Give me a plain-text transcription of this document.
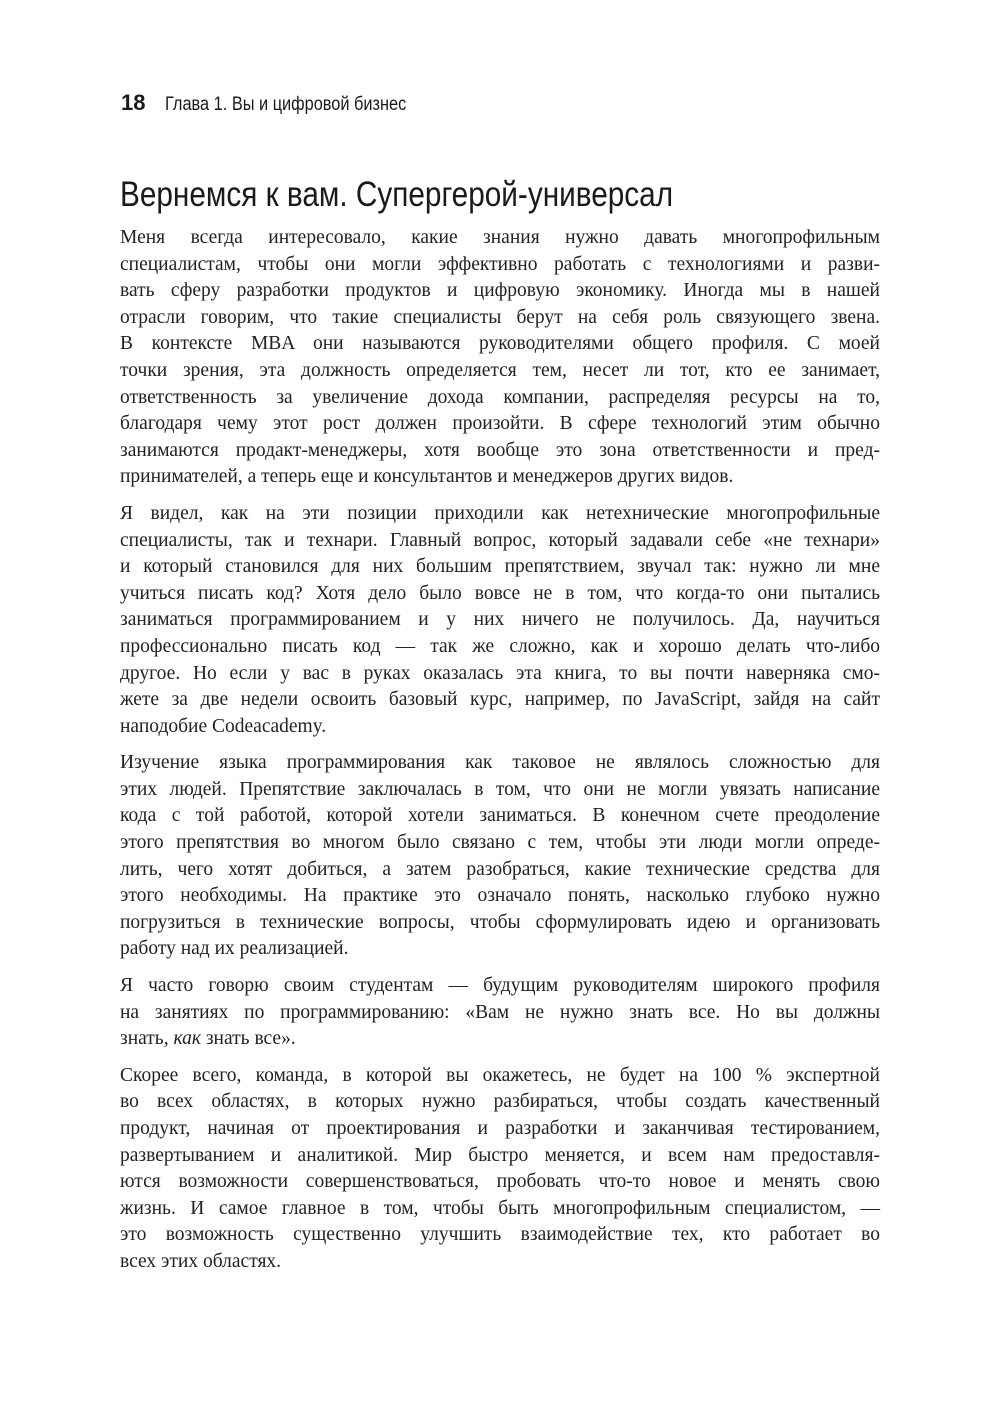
18 Глава 1. Вы и цифровой бизнес
Вернемся к вам. Супергерой-универсал

Меня всегда интересовало, какие знания нужно давать многопрофильным
специалистам, чтобы они могли эффективно работать с технологиями и разви-
вать сферу разработки продуктов и цифровую экономику. Иногда мы в нашей
отрасли говорим, что такие специалисты берут на себя роль связующего звена.
В контексте MBA они называются руководителями общего профиля. С моей
точки зрения, эта должность определяется тем, несет ли тот, кто ее занимает,
ответственность за увеличение дохода компании, распределяя ресурсы на то,
благодаря чему этот рост должен произойти. В сфере технологий этим обычно
занимаются продакт-менеджеры, хотя вообще это зона ответственности и пред-
принимателей, а теперь еще и консультантов и менеджеров других видов.

Я видел, как на эти позиции приходили как нетехнические многопрофильные
специалисты, так и технари. Главный вопрос, который задавали себе «не технари»
и который становился для них большим препятствием, звучал так: нужно ли мне
учиться писать код? Хотя дело было вовсе не в том, что когда-то они пытались
заниматься программированием и у них ничего не получилось. Да, научиться
профессионально писать код — так же сложно, как и хорошо делать что-либо
другое. Но если у вас в руках оказалась эта книга, то вы почти наверняка смо-
жете за две недели освоить базовый курс, например, по JavaScript, зайдя на сайт
наподобие Codeacademy.

Изучение языка программирования как таковое не являлось сложностью для
этих людей. Препятствие заключалась в том, что они не могли увязать написание
кода с той работой, которой хотели заниматься. В конечном счете преодоление
этого препятствия во многом было связано с тем, чтобы эти люди могли опреде-
лить, чего хотят добиться, а затем разобраться, какие технические средства для
этого необходимы. На практике это означало понять, насколько глубоко нужно
погрузиться в технические вопросы, чтобы сформулировать идею и организовать
работу над их реализацией.

Я часто говорю своим студентам — будущим руководителям широкого профиля
на занятиях по программированию: «Вам не нужно знать все. Но вы должны
знать, как знать все».

Скорее всего, команда, в которой вы окажетесь, не будет на 100 % экспертной
во всех областях, в которых нужно разбираться, чтобы создать качественный
продукт, начиная от проектирования и разработки и заканчивая тестированием,
развертыванием и аналитикой. Мир быстро меняется, и всем нам предоставля-
ются возможности совершенствоваться, пробовать что-то новое и менять свою
жизнь. И самое главное в том, чтобы быть многопрофильным специалистом, —
это возможность существенно улучшить взаимодействие тех, кто работает во
всех этих областях.
